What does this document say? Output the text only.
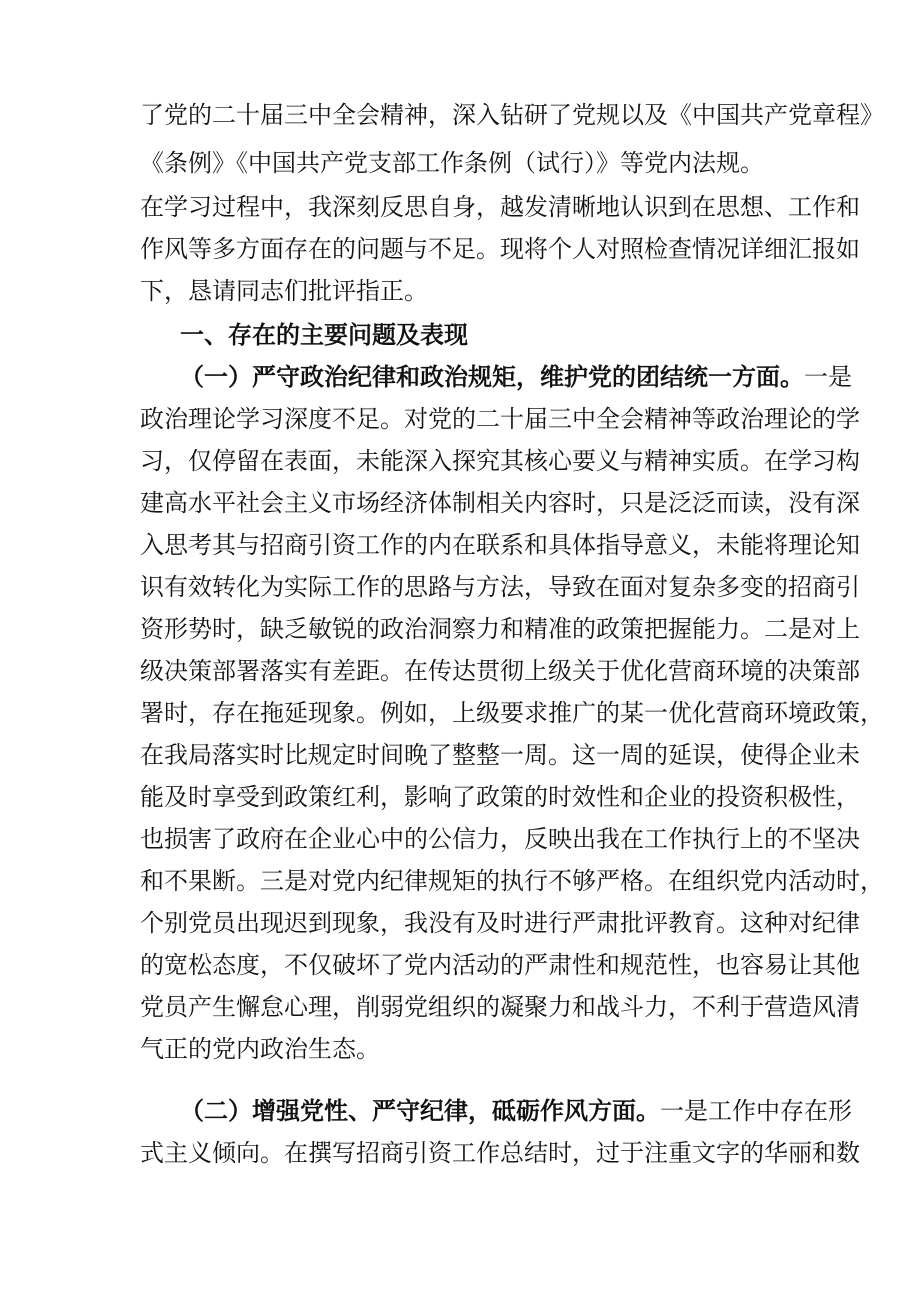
了党的二十届三中全会精神，深入钻研了党规以及《中国共产党章程》
《条例》《中国共产党支部工作条例（试行）》等党内法规。
在学习过程中，我深刻反思自身，越发清晰地认识到在思想、工作和
作风等多方面存在的问题与不足。现将个人对照检查情况详细汇报如
下，恳请同志们批评指正。
一、存在的主要问题及表现
（一）严守政治纪律和政治规矩，维护党的团结统一方面。一是
政治理论学习深度不足。对党的二十届三中全会精神等政治理论的学
习，仅停留在表面，未能深入探究其核心要义与精神实质。在学习构
建高水平社会主义市场经济体制相关内容时，只是泛泛而读，没有深
入思考其与招商引资工作的内在联系和具体指导意义，未能将理论知
识有效转化为实际工作的思路与方法，导致在面对复杂多变的招商引
资形势时，缺乏敏锐的政治洞察力和精准的政策把握能力。二是对上
级决策部署落实有差距。在传达贯彻上级关于优化营商环境的决策部
署时，存在拖延现象。例如，上级要求推广的某一优化营商环境政策，
在我局落实时比规定时间晚了整整一周。这一周的延误，使得企业未
能及时享受到政策红利，影响了政策的时效性和企业的投资积极性，
也损害了政府在企业心中的公信力，反映出我在工作执行上的不坚决
和不果断。三是对党内纪律规矩的执行不够严格。在组织党内活动时，
个别党员出现迟到现象，我没有及时进行严肃批评教育。这种对纪律
的宽松态度，不仅破坏了党内活动的严肃性和规范性，也容易让其他
党员产生懈怠心理，削弱党组织的凝聚力和战斗力，不利于营造风清
气正的党内政治生态。
（二）增强党性、严守纪律，砥砺作风方面。一是工作中存在形
式主义倾向。在撰写招商引资工作总结时，过于注重文字的华丽和数
